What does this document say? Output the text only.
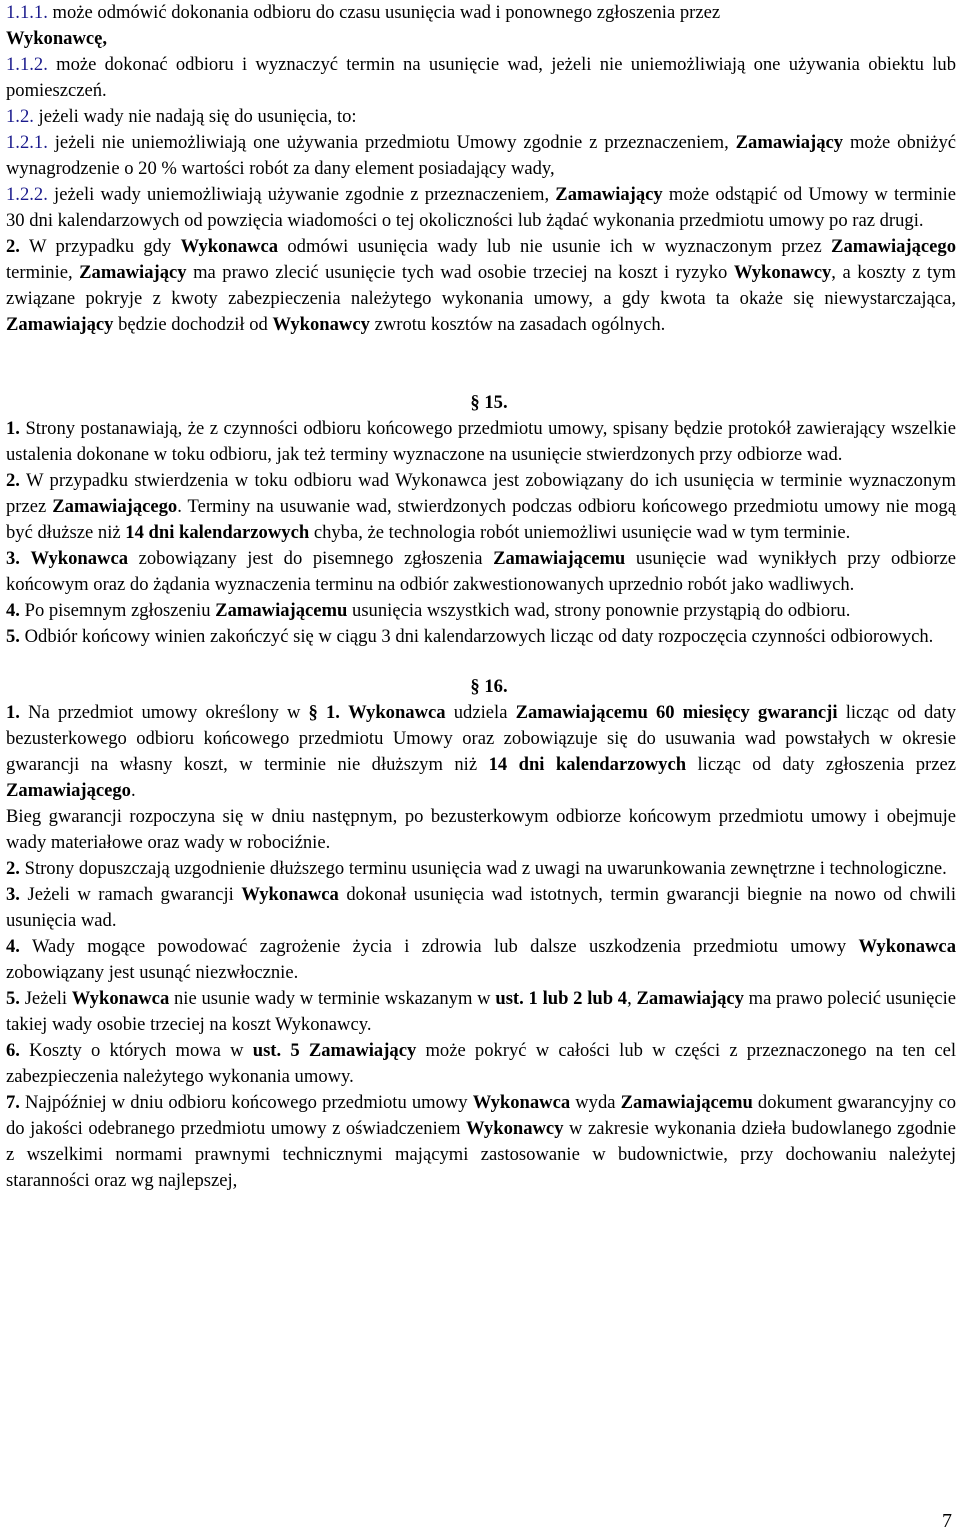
1.1.1. może odmówić dokonania odbioru do czasu usunięcia wad i ponownego zgłoszenia przez
Wykonawcę,

1.1.2. może dokonać odbioru i wyznaczyć termin na usunięcie wad, jeżeli nie uniemożliwiają one używania obiektu lub pomieszczeń.

1.2. jeżeli wady nie nadają się do usunięcia, to:

1.2.1. jeżeli nie uniemożliwiają one używania przedmiotu Umowy zgodnie z przeznaczeniem, Zamawiający może obniżyć wynagrodzenie o 20 % wartości robót za dany element posiadający wady,

1.2.2. jeżeli wady uniemożliwiają używanie zgodnie z przeznaczeniem, Zamawiający może odstąpić od Umowy w terminie 30 dni kalendarzowych od powzięcia wiadomości o tej okoliczności lub żądać wykonania przedmiotu umowy po raz drugi.

2. W przypadku gdy Wykonawca odmówi usunięcia wady lub nie usunie ich w wyznaczonym przez Zamawiającego terminie, Zamawiający ma prawo zlecić usunięcie tych wad osobie trzeciej na koszt i ryzyko Wykonawcy, a koszty z tym związane pokryje z kwoty zabezpieczenia należytego wykonania umowy, a gdy kwota ta okaże się niewystarczająca, Zamawiający będzie dochodził od Wykonawcy zwrotu kosztów na zasadach ogólnych.

§ 15.

1. Strony postanawiają, że z czynności odbioru końcowego przedmiotu umowy, spisany będzie protokół zawierający wszelkie ustalenia dokonane w toku odbioru, jak też terminy wyznaczone na usunięcie stwierdzonych przy odbiorze wad.

2. W przypadku stwierdzenia w toku odbioru wad Wykonawca jest zobowiązany do ich usunięcia w terminie wyznaczonym przez Zamawiającego. Terminy na usuwanie wad, stwierdzonych podczas odbioru końcowego przedmiotu umowy nie mogą być dłuższe niż 14 dni kalendarzowych chyba, że technologia robót uniemożliwi usunięcie wad w tym terminie.

3. Wykonawca zobowiązany jest do pisemnego zgłoszenia Zamawiającemu usunięcie wad wynikłych przy odbiorze końcowym oraz do żądania wyznaczenia terminu na odbiór zakwestionowanych uprzednio robót jako wadliwych.

4. Po pisemnym zgłoszeniu Zamawiającemu usunięcia wszystkich wad, strony ponownie przystąpią do odbioru.

5. Odbiór końcowy winien zakończyć się w ciągu 3 dni kalendarzowych licząc od daty rozpoczęcia czynności odbiorowych.

§ 16.

1. Na przedmiot umowy określony w § 1. Wykonawca udziela Zamawiającemu 60 miesięcy gwarancji licząc od daty bezusterkowego odbioru końcowego przedmiotu Umowy oraz zobowiązuje się do usuwania wad powstałych w okresie gwarancji na własny koszt, w terminie nie dłuższym niż 14 dni kalendarzowych licząc od daty zgłoszenia przez Zamawiającego.

Bieg gwarancji rozpoczyna się w dniu następnym, po bezusterkowym odbiorze końcowym przedmiotu umowy i obejmuje wady materiałowe oraz wady w robociźnie.

2. Strony dopuszczają uzgodnienie dłuższego terminu usunięcia wad z uwagi na uwarunkowania zewnętrzne i technologiczne.

3. Jeżeli w ramach gwarancji Wykonawca dokonał usunięcia wad istotnych, termin gwarancji biegnie na nowo od chwili usunięcia wad.

4. Wady mogące powodować zagrożenie życia i zdrowia lub dalsze uszkodzenia przedmiotu umowy Wykonawca zobowiązany jest usunąć niezwłocznie.

5. Jeżeli Wykonawca nie usunie wady w terminie wskazanym w ust. 1 lub 2 lub 4, Zamawiający ma prawo polecić usunięcie takiej wady osobie trzeciej na koszt Wykonawcy.

6. Koszty o których mowa w ust. 5 Zamawiający może pokryć w całości lub w części z przeznaczonego na ten cel zabezpieczenia należytego wykonania umowy.

7. Najpóźniej w dniu odbioru końcowego przedmiotu umowy Wykonawca wyda Zamawiającemu dokument gwarancyjny co do jakości odebranego przedmiotu umowy z oświadczeniem Wykonawcy w zakresie wykonania dzieła budowlanego zgodnie z wszelkimi normami prawnymi technicznymi mającymi zastosowanie w budownictwie, przy dochowaniu należytej staranności oraz wg najlepszej,

7
